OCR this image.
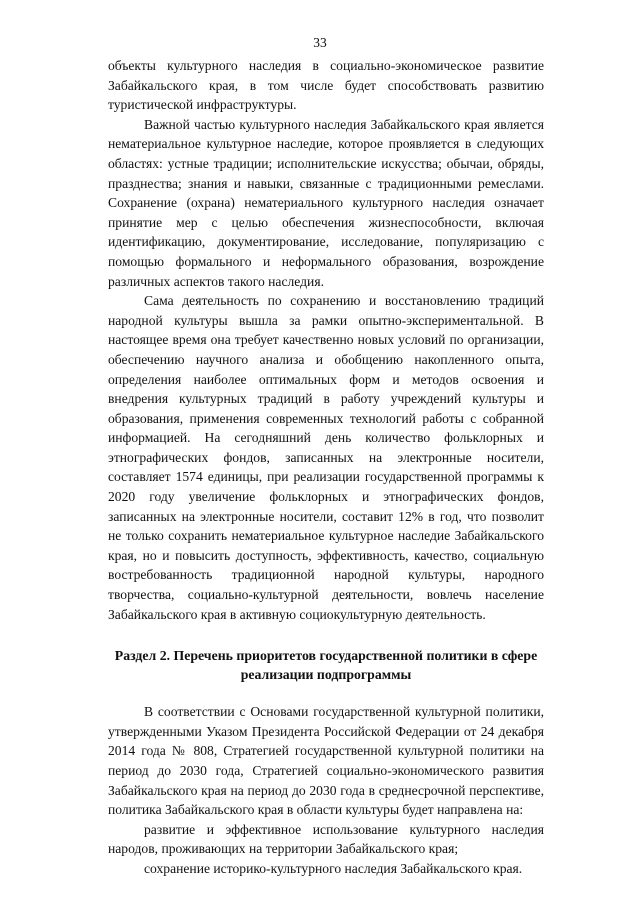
33

объекты культурного наследия в социально-экономическое развитие Забайкальского края, в том числе будет способствовать развитию туристической инфраструктуры.

Важной частью культурного наследия Забайкальского края является нематериальное культурное наследие, которое проявляется в следующих областях: устные традиции; исполнительские искусства; обычаи, обряды, празднества; знания и навыки, связанные с традиционными ремеслами. Сохранение (охрана) нематериального культурного наследия означает принятие мер с целью обеспечения жизнеспособности, включая идентификацию, документирование, исследование, популяризацию с помощью формального и неформального образования, возрождение различных аспектов такого наследия.

Сама деятельность по сохранению и восстановлению традиций народной культуры вышла за рамки опытно-экспериментальной. В настоящее время она требует качественно новых условий по организации, обеспечению научного анализа и обобщению накопленного опыта, определения наиболее оптимальных форм и методов освоения и внедрения культурных традиций в работу учреждений культуры и образования, применения современных технологий работы с собранной информацией. На сегодняшний день количество фольклорных и этнографических фондов, записанных на электронные носители, составляет 1574 единицы, при реализации государственной программы к 2020 году увеличение фольклорных и этнографических фондов, записанных на электронные носители, составит 12% в год, что позволит не только сохранить нематериальное культурное наследие Забайкальского края, но и повысить доступность, эффективность, качество, социальную востребованность традиционной народной культуры, народного творчества, социально-культурной деятельности, вовлечь население Забайкальского края в активную социокультурную деятельность.

Раздел 2. Перечень приоритетов государственной политики в сфере
реализации подпрограммы

В соответствии с Основами государственной культурной политики, утвержденными Указом Президента Российской Федерации от 24 декабря 2014 года № 808, Стратегией государственной культурной политики на период до 2030 года, Стратегией социально-экономического развития Забайкальского края на период до 2030 года в среднесрочной перспективе, политика Забайкальского края в области культуры будет направлена на:

развитие и эффективное использование культурного наследия народов, проживающих на территории Забайкальского края;

сохранение историко-культурного наследия Забайкальского края.
